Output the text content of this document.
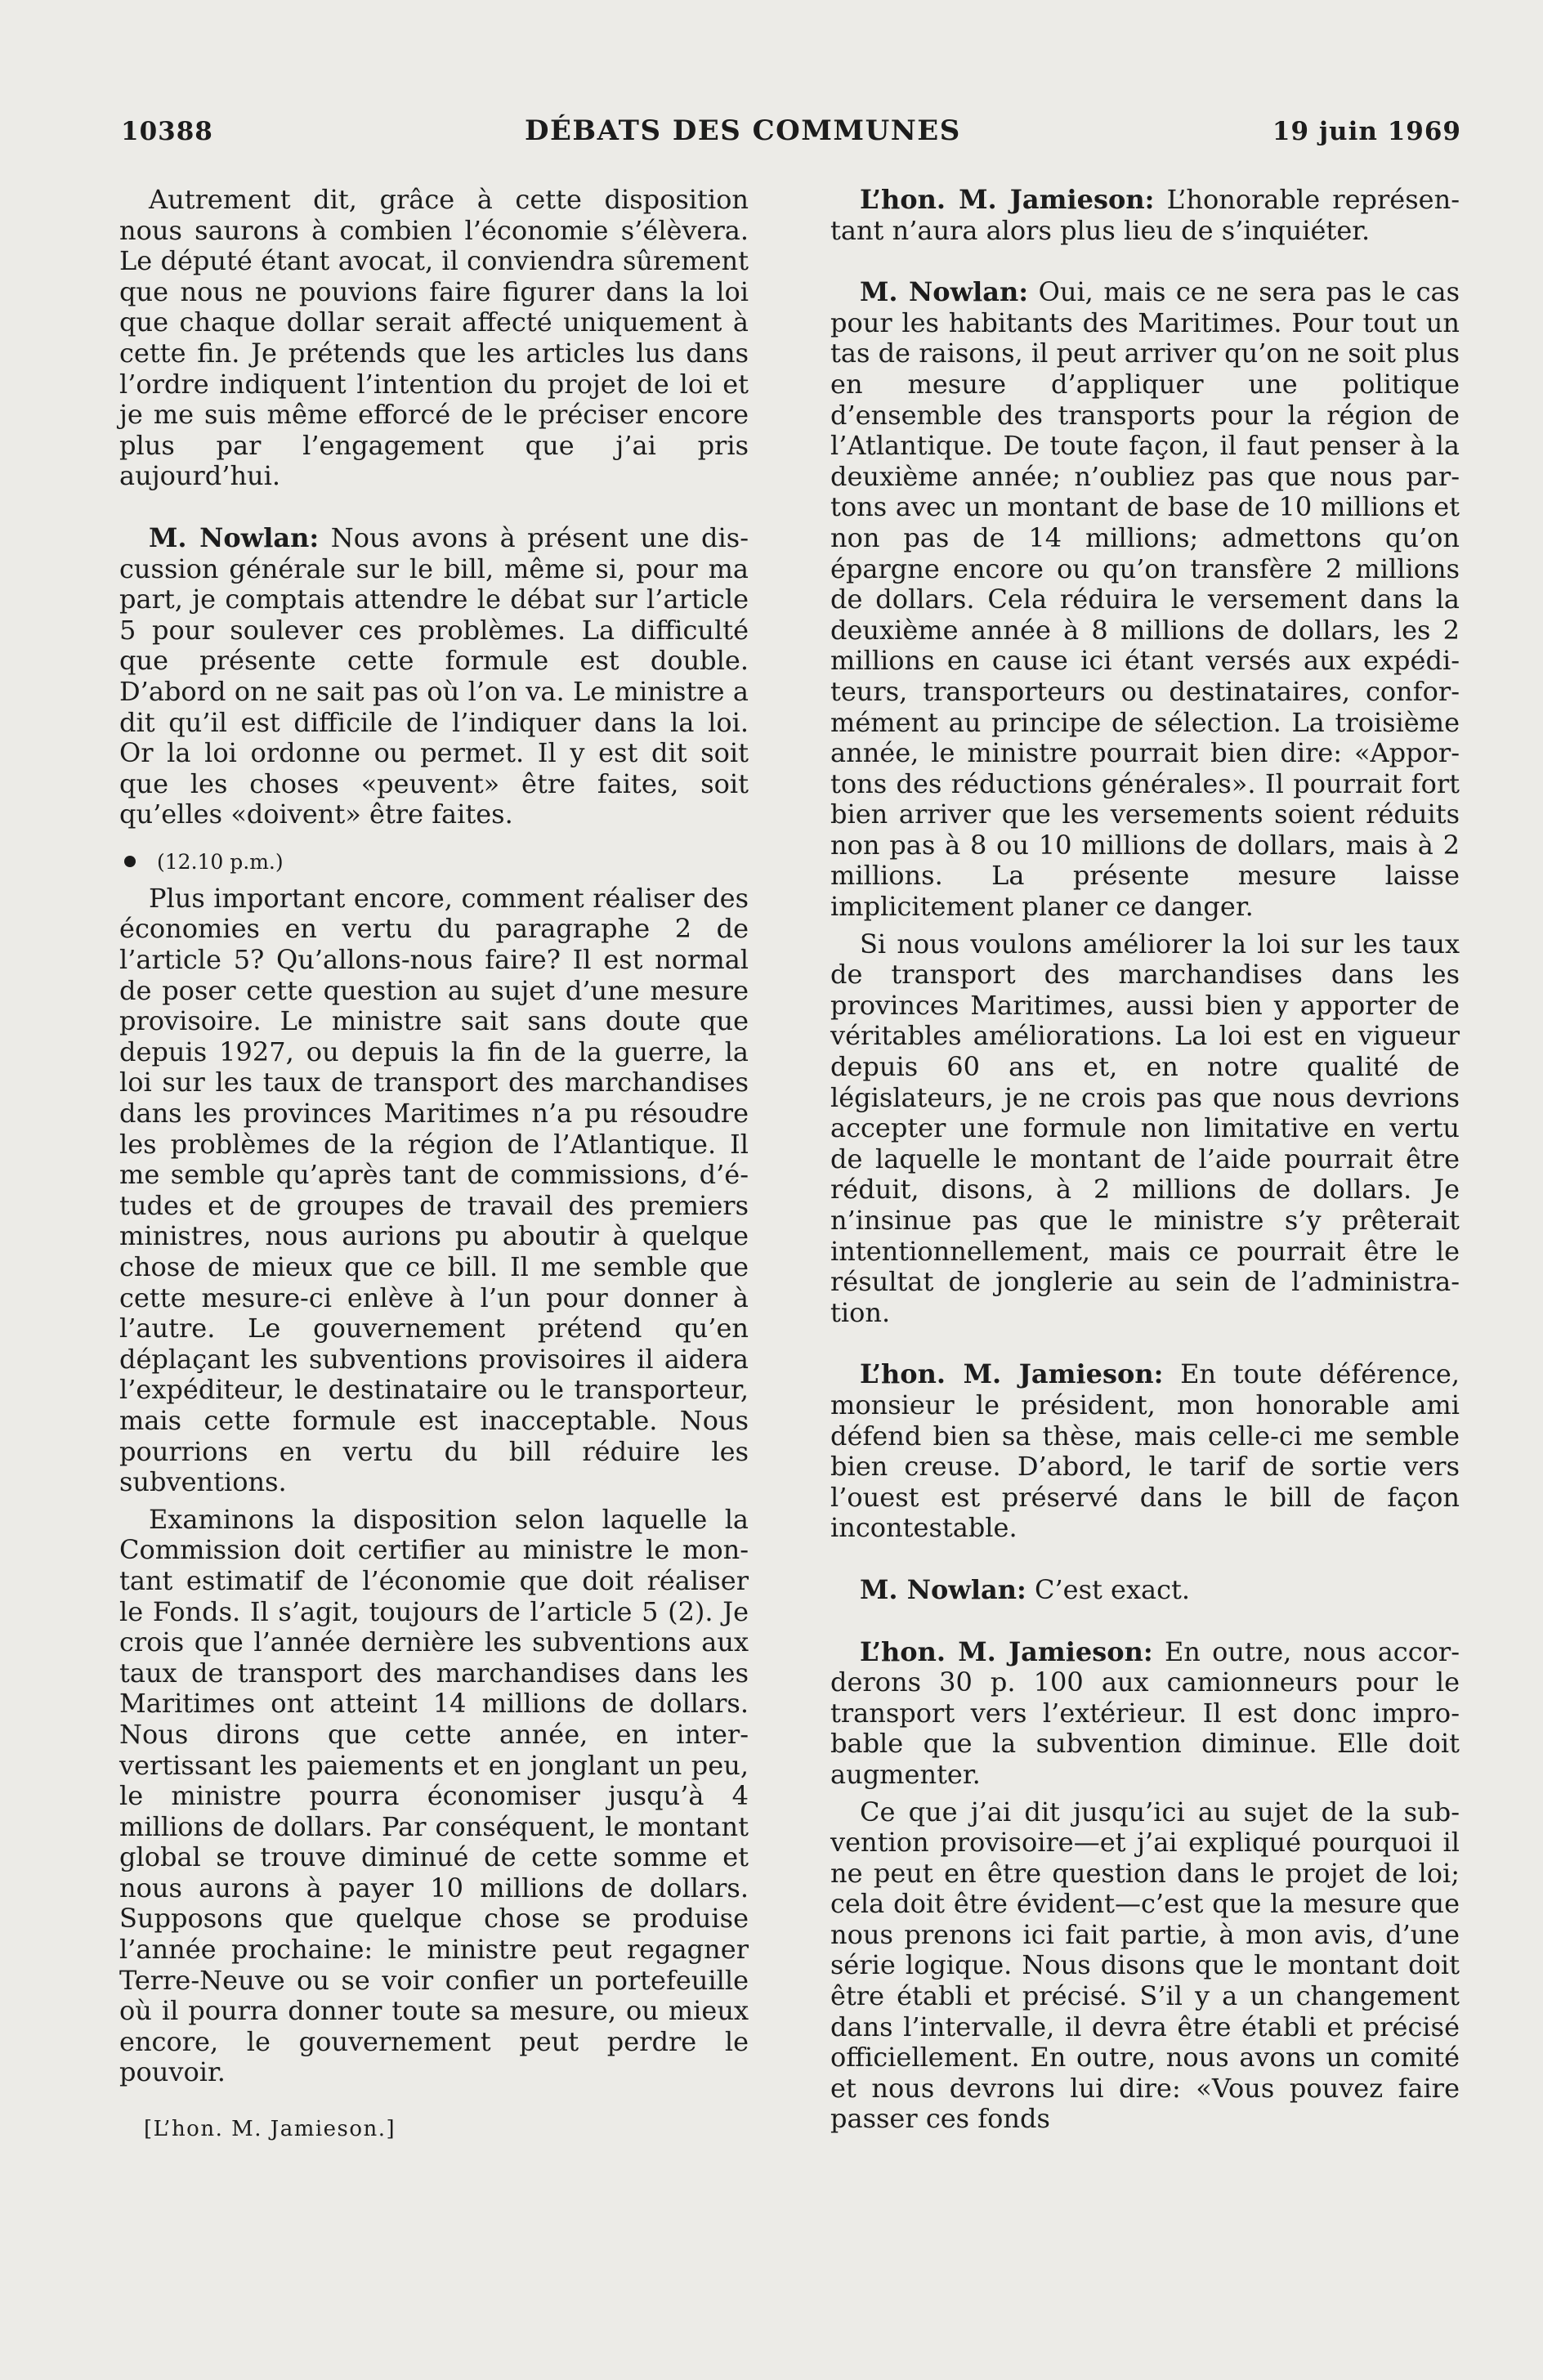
10388	DÉBATS DES COMMUNES	19 juin 1969

Autrement dit, grâce à cette disposition nous saurons à combien l’économie s’élèvera. Le député étant avocat, il conviendra sûrement que nous ne pouvions faire figurer dans la loi que chaque dollar serait affecté uniquement à cette fin. Je prétends que les articles lus dans l’ordre indiquent l’intention du projet de loi et je me suis même efforcé de le préciser encore plus par l’engagement que j’ai pris aujourd’hui.

M. Nowlan: Nous avons à présent une discussion générale sur le bill, même si, pour ma part, je comptais attendre le débat sur l’article 5 pour soulever ces problèmes. La difficulté que présente cette formule est double. D’abord on ne sait pas où l’on va. Le ministre a dit qu’il est difficile de l’indiquer dans la loi. Or la loi ordonne ou permet. Il y est dit soit que les choses «peuvent» être faites, soit qu’elles «doivent» être faites.

(12.10 p.m.)

Plus important encore, comment réaliser des économies en vertu du paragraphe 2 de l’article 5? Qu’allons-nous faire? Il est normal de poser cette question au sujet d’une mesure provisoire. Le ministre sait sans doute que depuis 1927, ou depuis la fin de la guerre, la loi sur les taux de transport des marchandises dans les provinces Maritimes n’a pu résoudre les problèmes de la région de l’Atlantique. Il me semble qu’après tant de commissions, d’études et de groupes de travail des premiers ministres, nous aurions pu aboutir à quelque chose de mieux que ce bill. Il me semble que cette mesure-ci enlève à l’un pour donner à l’autre. Le gouvernement prétend qu’en déplaçant les subventions provisoires il aidera l’expéditeur, le destinataire ou le transporteur, mais cette formule est inacceptable. Nous pourrions en vertu du bill réduire les subventions.

Examinons la disposition selon laquelle la Commission doit certifier au ministre le montant estimatif de l’économie que doit réaliser le Fonds. Il s’agit, toujours de l’article 5 (2). Je crois que l’année dernière les subventions aux taux de transport des marchandises dans les Maritimes ont atteint 14 millions de dollars. Nous dirons que cette année, en intervertissant les paiements et en jonglant un peu, le ministre pourra économiser jusqu’à 4 millions de dollars. Par conséquent, le montant global se trouve diminué de cette somme et nous aurons à payer 10 millions de dollars. Supposons que quelque chose se produise l’année prochaine: le ministre peut regagner Terre-Neuve ou se voir confier un portefeuille où il pourra donner toute sa mesure, ou mieux encore, le gouvernement peut perdre le pouvoir.

[L’hon. M. Jamieson.]

L’hon. M. Jamieson: L’honorable représentant n’aura alors plus lieu de s’inquiéter.

M. Nowlan: Oui, mais ce ne sera pas le cas pour les habitants des Maritimes. Pour tout un tas de raisons, il peut arriver qu’on ne soit plus en mesure d’appliquer une politique d’ensemble des transports pour la région de l’Atlantique. De toute façon, il faut penser à la deuxième année; n’oubliez pas que nous partons avec un montant de base de 10 millions et non pas de 14 millions; admettons qu’on épargne encore ou qu’on transfère 2 millions de dollars. Cela réduira le versement dans la deuxième année à 8 millions de dollars, les 2 millions en cause ici étant versés aux expéditeurs, transporteurs ou destinataires, conformément au principe de sélection. La troisième année, le ministre pourrait bien dire: «Apportons des réductions générales». Il pourrait fort bien arriver que les versements soient réduits non pas à 8 ou 10 millions de dollars, mais à 2 millions. La présente mesure laisse implicitement planer ce danger.

Si nous voulons améliorer la loi sur les taux de transport des marchandises dans les provinces Maritimes, aussi bien y apporter de véritables améliorations. La loi est en vigueur depuis 60 ans et, en notre qualité de législateurs, je ne crois pas que nous devrions accepter une formule non limitative en vertu de laquelle le montant de l’aide pourrait être réduit, disons, à 2 millions de dollars. Je n’insinue pas que le ministre s’y prêterait intentionnellement, mais ce pourrait être le résultat de jonglerie au sein de l’administration.

L’hon. M. Jamieson: En toute déférence, monsieur le président, mon honorable ami défend bien sa thèse, mais celle-ci me semble bien creuse. D’abord, le tarif de sortie vers l’ouest est préservé dans le bill de façon incontestable.

M. Nowlan: C’est exact.

L’hon. M. Jamieson: En outre, nous accorderons 30 p. 100 aux camionneurs pour le transport vers l’extérieur. Il est donc improbable que la subvention diminue. Elle doit augmenter.

Ce que j’ai dit jusqu’ici au sujet de la subvention provisoire—et j’ai expliqué pourquoi il ne peut en être question dans le projet de loi; cela doit être évident—c’est que la mesure que nous prenons ici fait partie, à mon avis, d’une série logique. Nous disons que le montant doit être établi et précisé. S’il y a un changement dans l’intervalle, il devra être établi et précisé officiellement. En outre, nous avons un comité et nous devrons lui dire: «Vous pouvez faire passer ces fonds
